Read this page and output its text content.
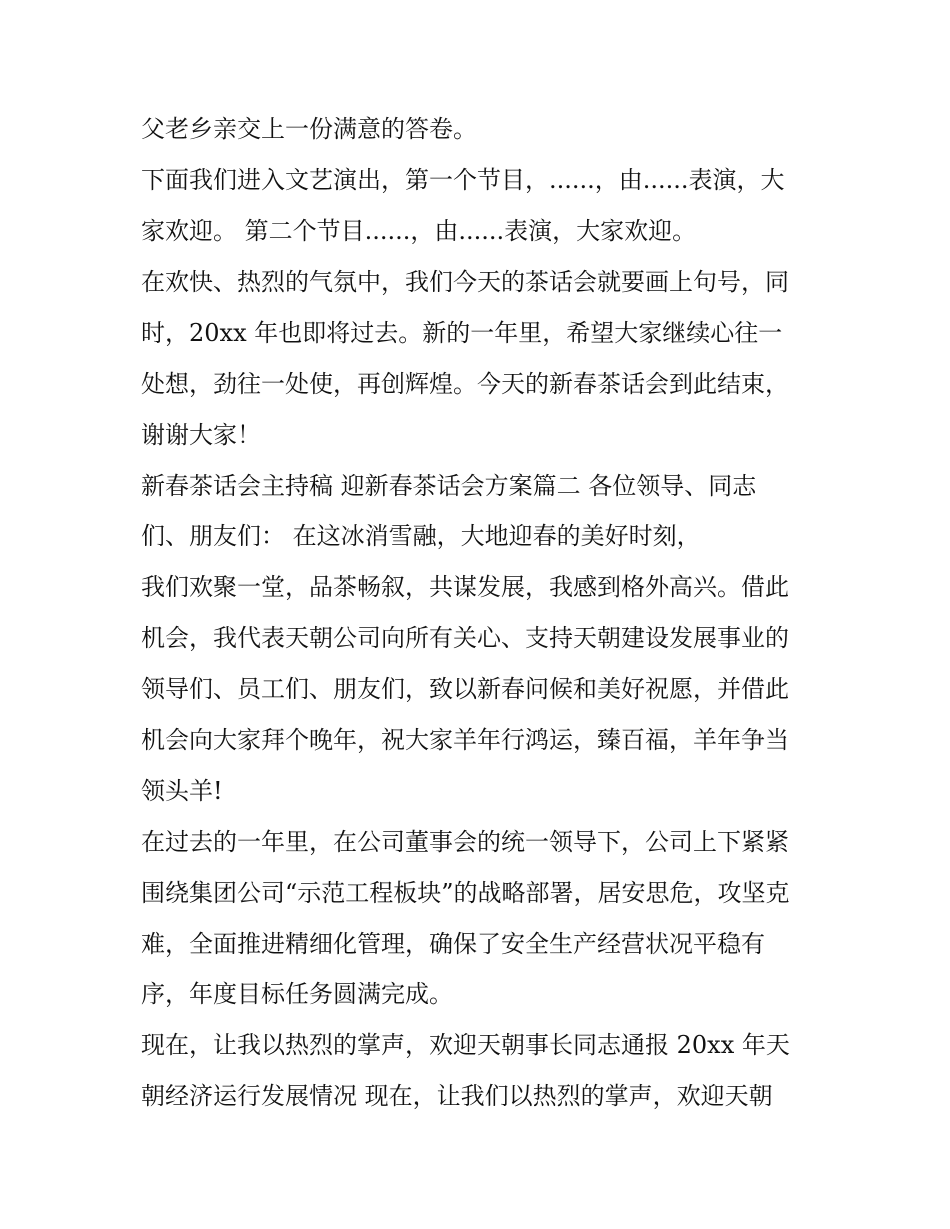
父老乡亲交上一份满意的答卷。
下面我们进入文艺演出，第一个节目，......，由......表演，大
家欢迎。 第二个节目......，由......表演，大家欢迎。
在欢快、热烈的气氛中，我们今天的茶话会就要画上句号，同
时，20xx 年也即将过去。新的一年里，希望大家继续心往一
处想，劲往一处使，再创辉煌。今天的新春茶话会到此结束，
谢谢大家！
新春茶话会主持稿 迎新春茶话会方案篇二 各位领导、同志
们、朋友们： 在这冰消雪融，大地迎春的美好时刻，
我们欢聚一堂，品茶畅叙，共谋发展，我感到格外高兴。借此
机会，我代表天朝公司向所有关心、支持天朝建设发展事业的
领导们、员工们、朋友们，致以新春问候和美好祝愿，并借此
机会向大家拜个晚年，祝大家羊年行鸿运，臻百福，羊年争当
领头羊!
在过去的一年里，在公司董事会的统一领导下，公司上下紧紧
围绕集团公司“示范工程板块”的战略部署，居安思危，攻坚克
难，全面推进精细化管理，确保了安全生产经营状况平稳有
序，年度目标任务圆满完成。
现在，让我以热烈的掌声，欢迎天朝事长同志通报 20xx 年天
朝经济运行发展情况 现在，让我们以热烈的掌声，欢迎天朝
